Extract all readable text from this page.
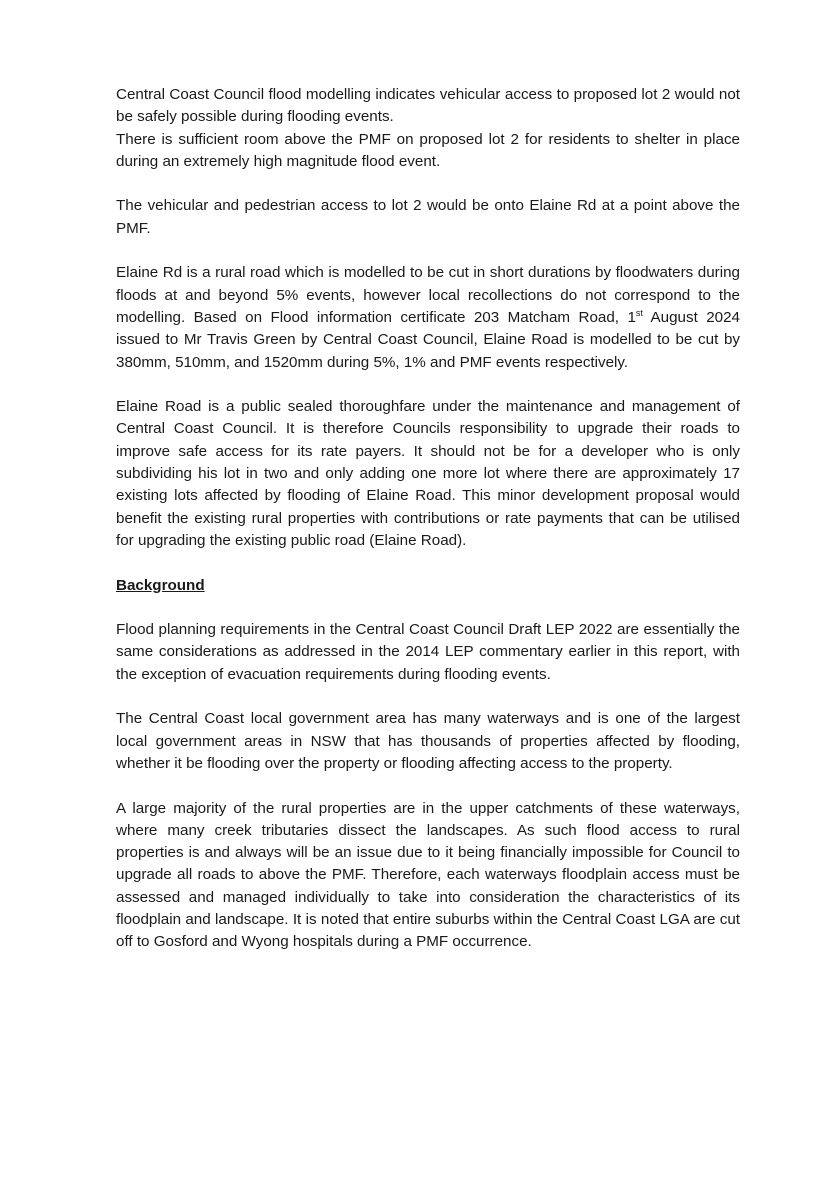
Central Coast Council flood modelling indicates vehicular access to proposed lot 2 would not be safely possible during flooding events.

There is sufficient room above the PMF on proposed lot 2 for residents to shelter in place during an extremely high magnitude flood event.

The vehicular and pedestrian access to lot 2 would be onto Elaine Rd at a point above the PMF.

Elaine Rd is a rural road which is modelled to be cut in short durations by floodwaters during floods at and beyond 5% events, however local recollections do not correspond to the modelling. Based on Flood information certificate 203 Matcham Road, 1st August 2024 issued to Mr Travis Green by Central Coast Council, Elaine Road is modelled to be cut by 380mm, 510mm, and 1520mm during 5%, 1% and PMF events respectively.

Elaine Road is a public sealed thoroughfare under the maintenance and management of Central Coast Council. It is therefore Councils responsibility to upgrade their roads to improve safe access for its rate payers. It should not be for a developer who is only subdividing his lot in two and only adding one more lot where there are approximately 17 existing lots affected by flooding of Elaine Road. This minor development proposal would benefit the existing rural properties with contributions or rate payments that can be utilised for upgrading the existing public road (Elaine Road).

Background

Flood planning requirements in the Central Coast Council Draft LEP 2022 are essentially the same considerations as addressed in the 2014 LEP commentary earlier in this report, with the exception of evacuation requirements during flooding events.

The Central Coast local government area has many waterways and is one of the largest local government areas in NSW that has thousands of properties affected by flooding, whether it be flooding over the property or flooding affecting access to the property.

A large majority of the rural properties are in the upper catchments of these waterways, where many creek tributaries dissect the landscapes. As such flood access to rural properties is and always will be an issue due to it being financially impossible for Council to upgrade all roads to above the PMF. Therefore, each waterways floodplain access must be assessed and managed individually to take into consideration the characteristics of its floodplain and landscape. It is noted that entire suburbs within the Central Coast LGA are cut off to Gosford and Wyong hospitals during a PMF occurrence.
